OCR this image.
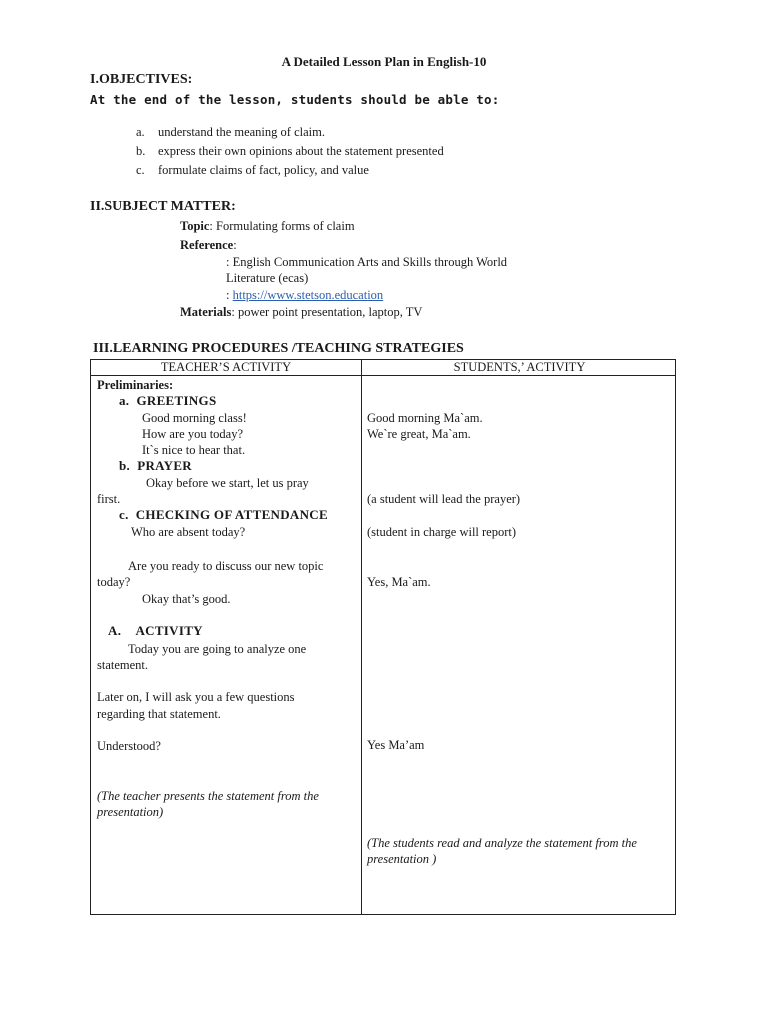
A Detailed Lesson Plan in English-10
I.OBJECTIVES:
At the end of the lesson, students should be able to:
a. understand the meaning of claim.
b. express their own opinions about the statement presented
c. formulate claims of fact, policy, and value
II.SUBJECT MATTER:
Topic: Formulating forms of claim
Reference:
: English Communication Arts and Skills through World
Literature (ecas)
: https://www.stetson.education
Materials: power point presentation, laptop, TV
III.LEARNING PROCEDURES /TEACHING STRATEGIES
TEACHER’S ACTIVITY	STUDENTS,’ ACTIVITY
Preliminaries:
a. GREETINGS
Good morning class!
How are you today?
It`s nice to hear that.
b. PRAYER
Okay before we start, let us pray
first.
c. CHECKING OF ATTENDANCE
Who are absent today?
Are you ready to discuss our new topic
today?
Okay that’s good.
A. ACTIVITY
Today you are going to analyze one
statement.
Later on, I will ask you a few questions
regarding that statement.
Understood?
(The teacher presents the statement from the
presentation)
Good morning Ma`am.
We`re great, Ma`am.
(a student will lead the prayer)
(student in charge will report)
Yes, Ma`am.
Yes Ma’am
(The students read and analyze the statement from the
presentation )
